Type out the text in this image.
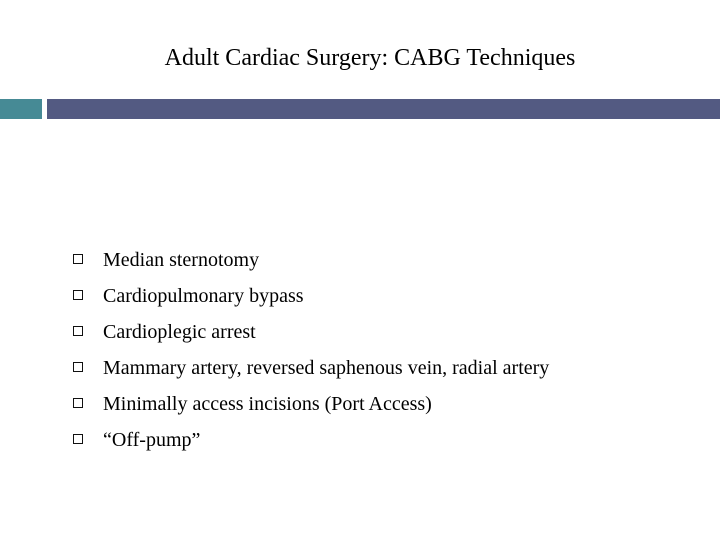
Adult Cardiac Surgery: CABG Techniques
Median sternotomy
Cardiopulmonary bypass
Cardioplegic arrest
Mammary artery, reversed saphenous vein, radial artery
Minimally access incisions (Port Access)
“Off-pump”
